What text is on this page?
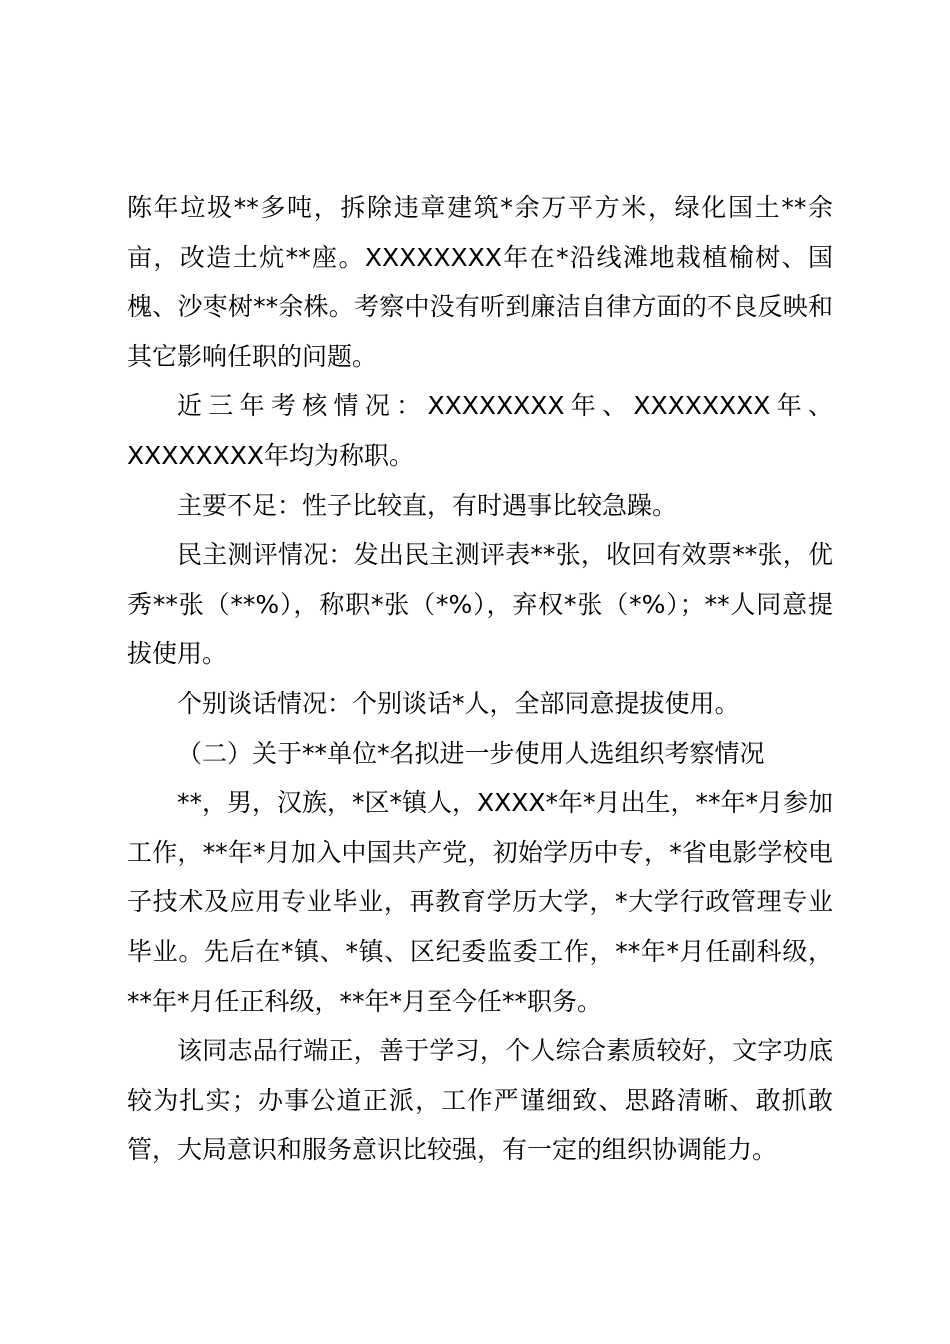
陈年垃圾**多吨，拆除违章建筑*余万平方米，绿化国土**余亩，改造土炕**座。XXXXXXXX年在*沿线滩地栽植榆树、国槐、沙枣树**余株。考察中没有听到廉洁自律方面的不良反映和其它影响任职的问题。

近三年考核情况：XXXXXXXX年、XXXXXXXX年、XXXXXXXX年均为称职。

主要不足：性子比较直，有时遇事比较急躁。

民主测评情况：发出民主测评表**张，收回有效票**张，优秀**张（**%），称职*张（*%），弃权*张（*%）；**人同意提拔使用。

个别谈话情况：个别谈话*人，全部同意提拔使用。

（二）关于**单位*名拟进一步使用人选组织考察情况

**，男，汉族，*区*镇人，XXXX*年*月出生，**年*月参加工作，**年*月加入中国共产党，初始学历中专，*省电影学校电子技术及应用专业毕业，再教育学历大学，*大学行政管理专业毕业。先后在*镇、*镇、区纪委监委工作，**年*月任副科级，**年*月任正科级，**年*月至今任**职务。

该同志品行端正，善于学习，个人综合素质较好，文字功底较为扎实；办事公道正派，工作严谨细致、思路清晰、敢抓敢管，大局意识和服务意识比较强，有一定的组织协调能力。
